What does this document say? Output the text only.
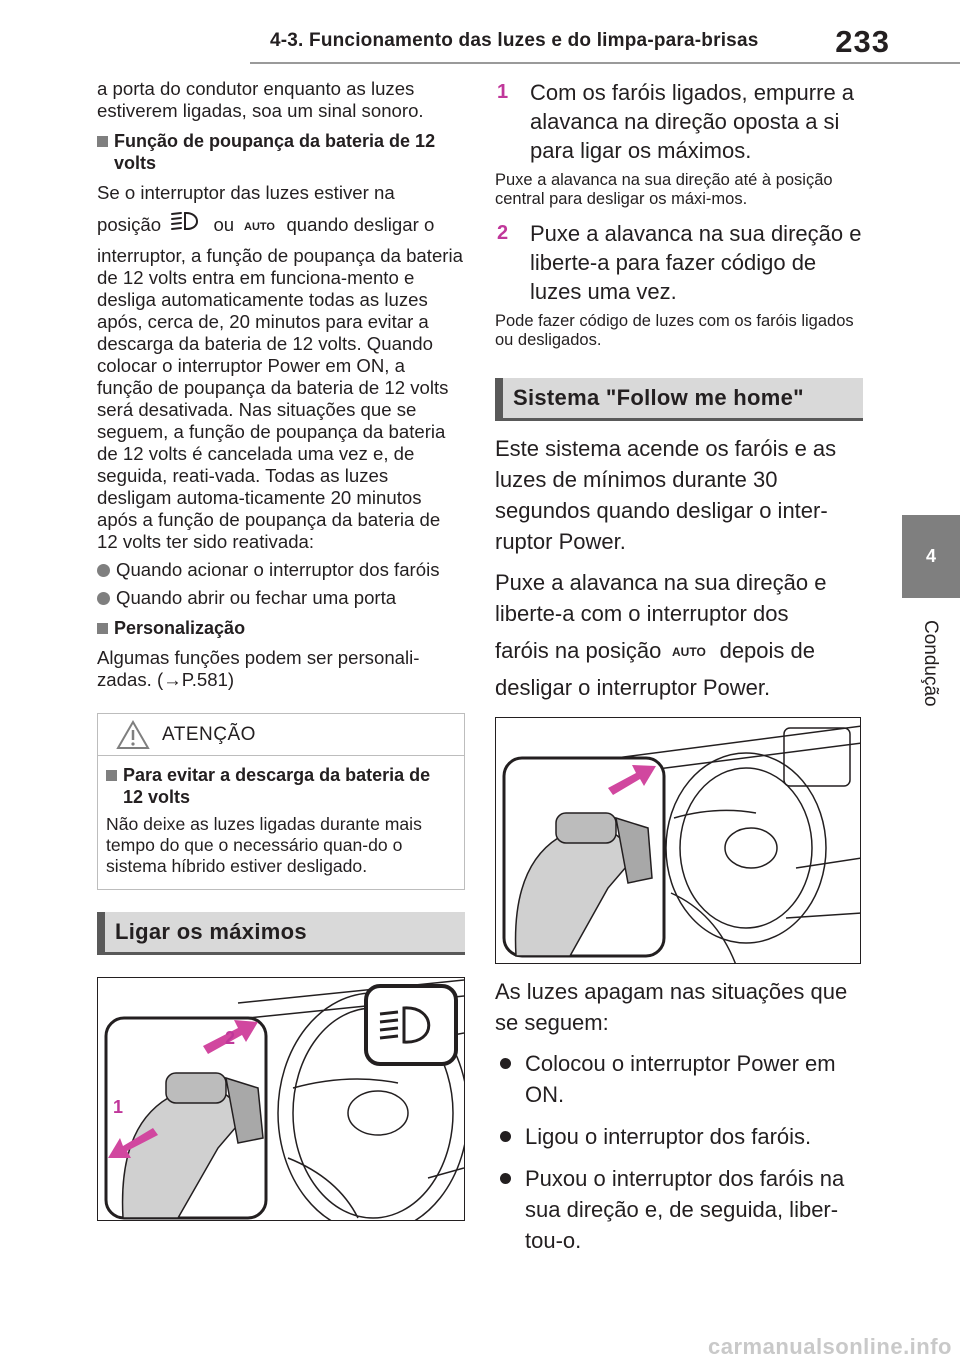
4-3. Funcionamento das luzes e do limpa-para-brisas 233
4
Condução

a porta do condutor enquanto as luzes estiverem ligadas, soa um sinal sonoro.

Função de poupança da bateria de 12 volts

Se o interruptor das luzes estiver na

posição	ou AUTO quando desligar o

interruptor, a função de poupança da bateria de 12 volts entra em funciona-mento e desliga automaticamente todas as luzes após, cerca de, 20 minutos para evitar a descarga da bateria de 12 volts. Quando colocar o interruptor Power em ON, a função de poupança da bateria de 12 volts será desativada. Nas situações que se seguem, a função de poupança da bateria de 12 volts é cancelada uma vez e, de seguida, reati-vada. Todas as luzes desligam automa-ticamente 20 minutos após a função de poupança da bateria de 12 volts ter sido reativada:

Quando acionar o interruptor dos faróis
Quando abrir ou fechar uma porta
Personalização

Algumas funções podem ser personali-zadas. (→P.581)

ATENÇÃO
Para evitar a descarga da bateria de 12 volts

Não deixe as luzes ligadas durante mais tempo do que o necessário quan-do o sistema híbrido estiver desligado.

Ligar os máximos
2
1
1 Com os faróis ligados, empurre a alavanca na direção oposta a si para ligar os máximos.

Puxe a alavanca na sua direção até à posição central para desligar os máxi-mos.

2 Puxe a alavanca na sua direção e liberte-a para fazer código de luzes uma vez.

Pode fazer código de luzes com os faróis ligados ou desligados.

Sistema "Follow me home"

Este sistema acende os faróis e as luzes de mínimos durante 30 segundos quando desligar o inter-ruptor Power.

Puxe a alavanca na sua direção e liberte-a com o interruptor dos

faróis na posição AUTO depois de

desligar o interruptor Power.

As luzes apagam nas situações que se seguem:

Colocou o interruptor Power em ON.
Ligou o interruptor dos faróis.
Puxou o interruptor dos faróis na sua direção e, de seguida, liber-tou-o.
carmanualsonline.info
